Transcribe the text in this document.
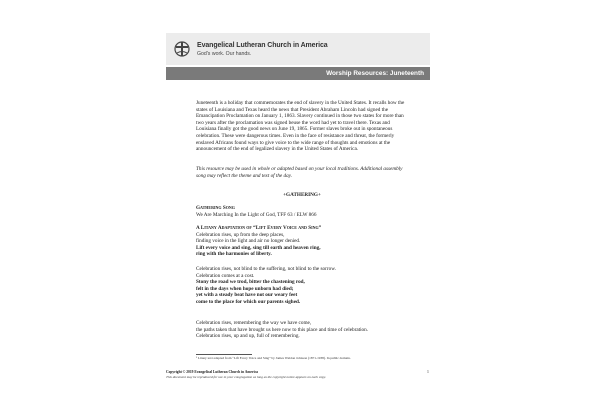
Evangelical Lutheran Church in America
God's work. Our hands.
Worship Resources: Juneteenth

Juneteenth is a holiday that commemorates the end of slavery in the United States. It recalls how the states of Louisiana and Texas heard the news that President Abraham Lincoln had signed the Emancipation Proclamation on January 1, 1863. Slavery continued in those two states for more than two years after the proclamation was signed beuse the word had yet to travel there. Texas and Louisiana finally got the good news on June 19, 1865. Former slaves broke out in spontaneous celebration. These were dangerous times. Even in the face of resistance and threat, the formerly enslaved Africans found ways to give voice to the wide range of thoughts and emotions at the announcement of the end of legalized slavery in the United States of America.

This resource may be used in whole or adapted based on your local traditions. Additional assembly song may reflect the theme and text of the day.
+GATHERING+
Gathering Song
We Are Marching In the Light of God, TFF 63 / ELW 866
A Litany Adaptation of “Lift Every Voice and Sing”
Celebration rises, up from the deep places,
finding voice in the light and air no longer denied.
Lift every voice and sing, sing till earth and heaven ring,
ring with the harmonies of liberty.
Celebration rises, not blind to the suffering, not blind to the sorrow.
Celebration comes at a cost.
Stony the road we trod, bitter the chastening rod,
felt in the days when hope unborn had died;
yet with a steady beat have not our weary feet
come to the place for which our parents sighed.
Celebration rises, remembering the way we have come,
the paths taken that have brought us here now to this place and time of celebration.
Celebration rises, up and up, full of remembering.
¹ Litany text adapted from “Lift Every Voice and Sing” by James Weldon Johnson (1871-1938). In public domain.
Copyright © 2019 Evangelical Lutheran Church in America
This document may be reproduced for use in your congregation as long as the copyright notice appears on each copy.
1
